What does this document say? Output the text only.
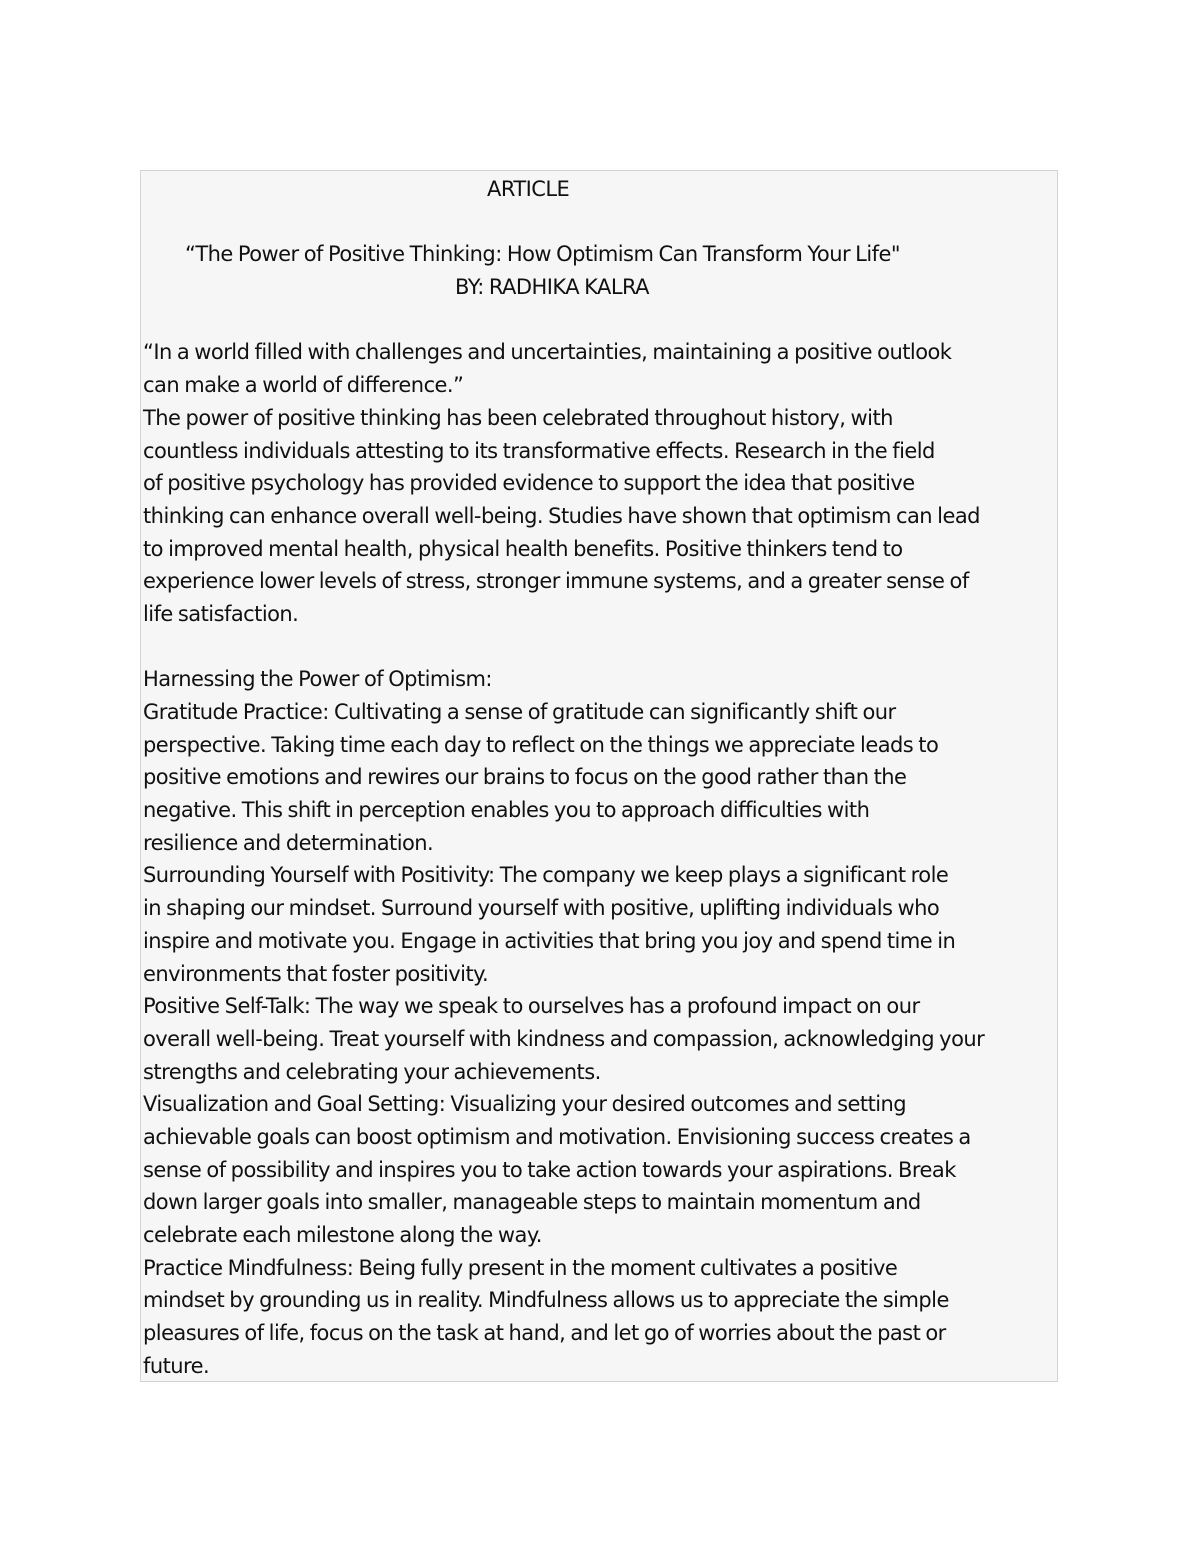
ARTICLE
“The Power of Positive Thinking: How Optimism Can Transform Your Life"
BY: RADHIKA KALRA
“In a world filled with challenges and uncertainties, maintaining a positive outlook
can make a world of difference.”
The power of positive thinking has been celebrated throughout history, with
countless individuals attesting to its transformative effects. Research in the field
of positive psychology has provided evidence to support the idea that positive
thinking can enhance overall well-being. Studies have shown that optimism can lead
to improved mental health, physical health benefits. Positive thinkers tend to
experience lower levels of stress, stronger immune systems, and a greater sense of
life satisfaction.
Harnessing the Power of Optimism:
Gratitude Practice: Cultivating a sense of gratitude can significantly shift our
perspective. Taking time each day to reflect on the things we appreciate leads to
positive emotions and rewires our brains to focus on the good rather than the
negative. This shift in perception enables you to approach difficulties with
resilience and determination.
Surrounding Yourself with Positivity: The company we keep plays a significant role
in shaping our mindset. Surround yourself with positive, uplifting individuals who
inspire and motivate you. Engage in activities that bring you joy and spend time in
environments that foster positivity.
Positive Self-Talk: The way we speak to ourselves has a profound impact on our
overall well-being. Treat yourself with kindness and compassion, acknowledging your
strengths and celebrating your achievements.
Visualization and Goal Setting: Visualizing your desired outcomes and setting
achievable goals can boost optimism and motivation. Envisioning success creates a
sense of possibility and inspires you to take action towards your aspirations. Break
down larger goals into smaller, manageable steps to maintain momentum and
celebrate each milestone along the way.
Practice Mindfulness: Being fully present in the moment cultivates a positive
mindset by grounding us in reality. Mindfulness allows us to appreciate the simple
pleasures of life, focus on the task at hand, and let go of worries about the past or
future.
